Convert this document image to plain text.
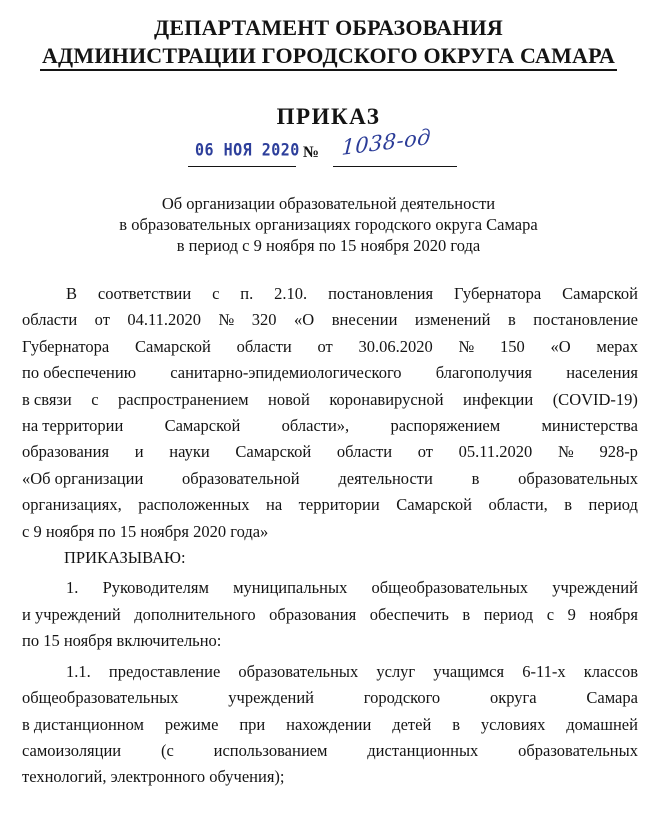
ДЕПАРТАМЕНТ ОБРАЗОВАНИЯ
АДМИНИСТРАЦИИ ГОРОДСКОГО ОКРУГА САМАРА
ПРИКАЗ
06 НОЯ 2020 № 1038-од
Об организации образовательной деятельности
в образовательных организациях городского округа Самара
в период с 9 ноября по 15 ноября 2020 года
В соответствии с п. 2.10. постановления Губернатора Самарской
области от 04.11.2020 № 320 «О внесении изменений в постановление
Губернатора Самарской области от 30.06.2020 № 150 «О мерах
по обеспечению санитарно-эпидемиологического благополучия населения
в связи с распространением новой коронавирусной инфекции (COVID-19)
на территории	Самарской	области»,	распоряжением	министерства
образования и науки Самарской области от 05.11.2020 № 928-р
«Об организации образовательной деятельности в образовательных
организациях, расположенных на территории Самарской области, в период
с 9 ноября по 15 ноября 2020 года»
ПРИКАЗЫВАЮ:
1. Руководителям муниципальных общеобразовательных учреждений
и учреждений дополнительного образования обеспечить в период с 9 ноября
по 15 ноября включительно:
1.1. предоставление образовательных услуг учащимся 6-11-х классов
общеобразовательных	учреждений	городского	округа	Самара
в дистанционном режиме при нахождении детей в условиях домашней
самоизоляции (с использованием дистанционных образовательных
технологий, электронного обучения);
